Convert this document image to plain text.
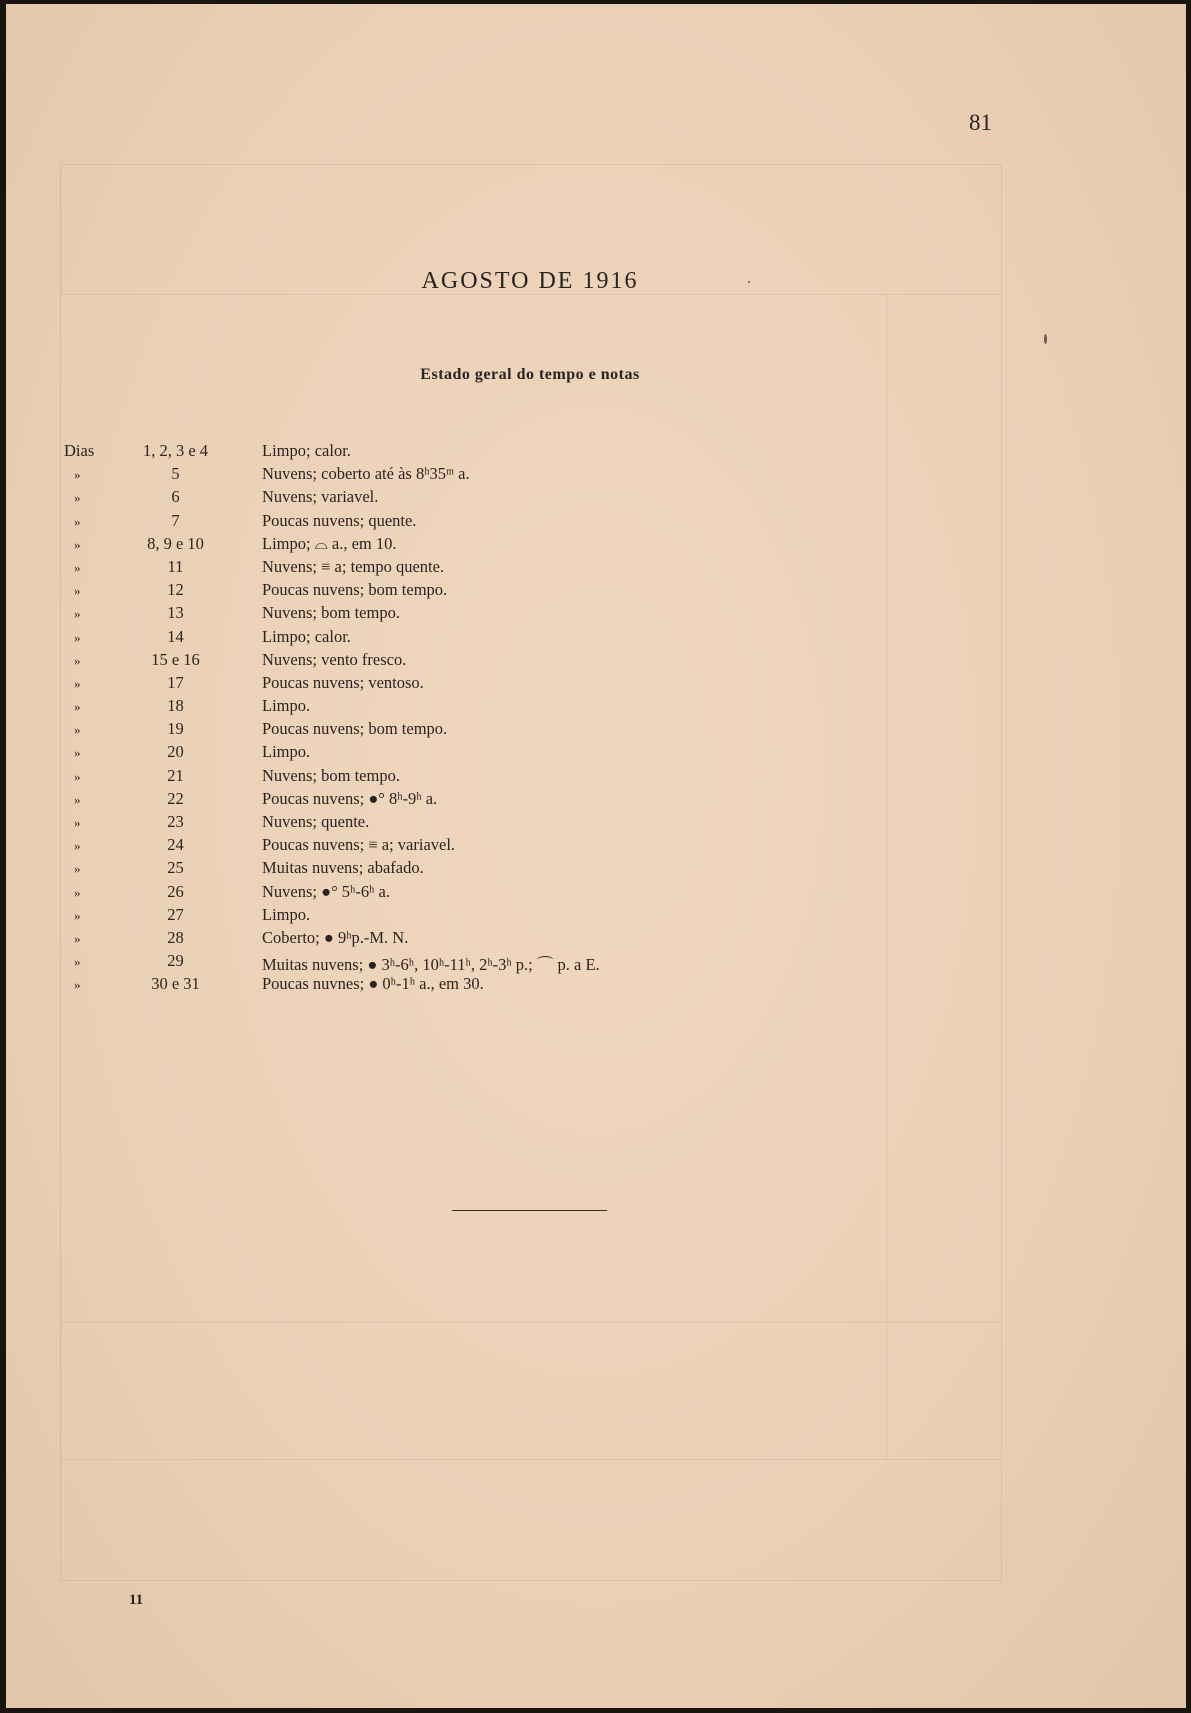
81
AGOSTO DE 1916
Estado geral do tempo e notas
Dias	1, 2, 3 e 4	Limpo; calor.
»	5	Nuvens; coberto até às 8ʰ35ᵐ a.
»	6	Nuvens; variavel.
»	7	Poucas nuvens; quente.
»	8, 9 e 10	Limpo; ⌓ a., em 10.
»	11	Nuvens; ≡ a; tempo quente.
»	12	Poucas nuvens; bom tempo.
»	13	Nuvens; bom tempo.
»	14	Limpo; calor.
»	15 e 16	Nuvens; vento fresco.
»	17	Poucas nuvens; ventoso.
»	18	Limpo.
»	19	Poucas nuvens; bom tempo.
»	20	Limpo.
»	21	Nuvens; bom tempo.
»	22	Poucas nuvens; ●° 8ʰ-9ʰ a.
»	23	Nuvens; quente.
»	24	Poucas nuvens; ≡ a; variavel.
»	25	Muitas nuvens; abafado.
»	26	Nuvens; ●° 5ʰ-6ʰ a.
»	27	Limpo.
»	28	Coberto; ● 9ʰp.-M. N.
»	29	Muitas nuvens; ● 3ʰ-6ʰ, 10ʰ-11ʰ, 2ʰ-3ʰ p.; ⌒ p. a E.
»	30 e 31	Poucas nuvnes; ● 0ʰ-1ʰ a., em 30.
11
